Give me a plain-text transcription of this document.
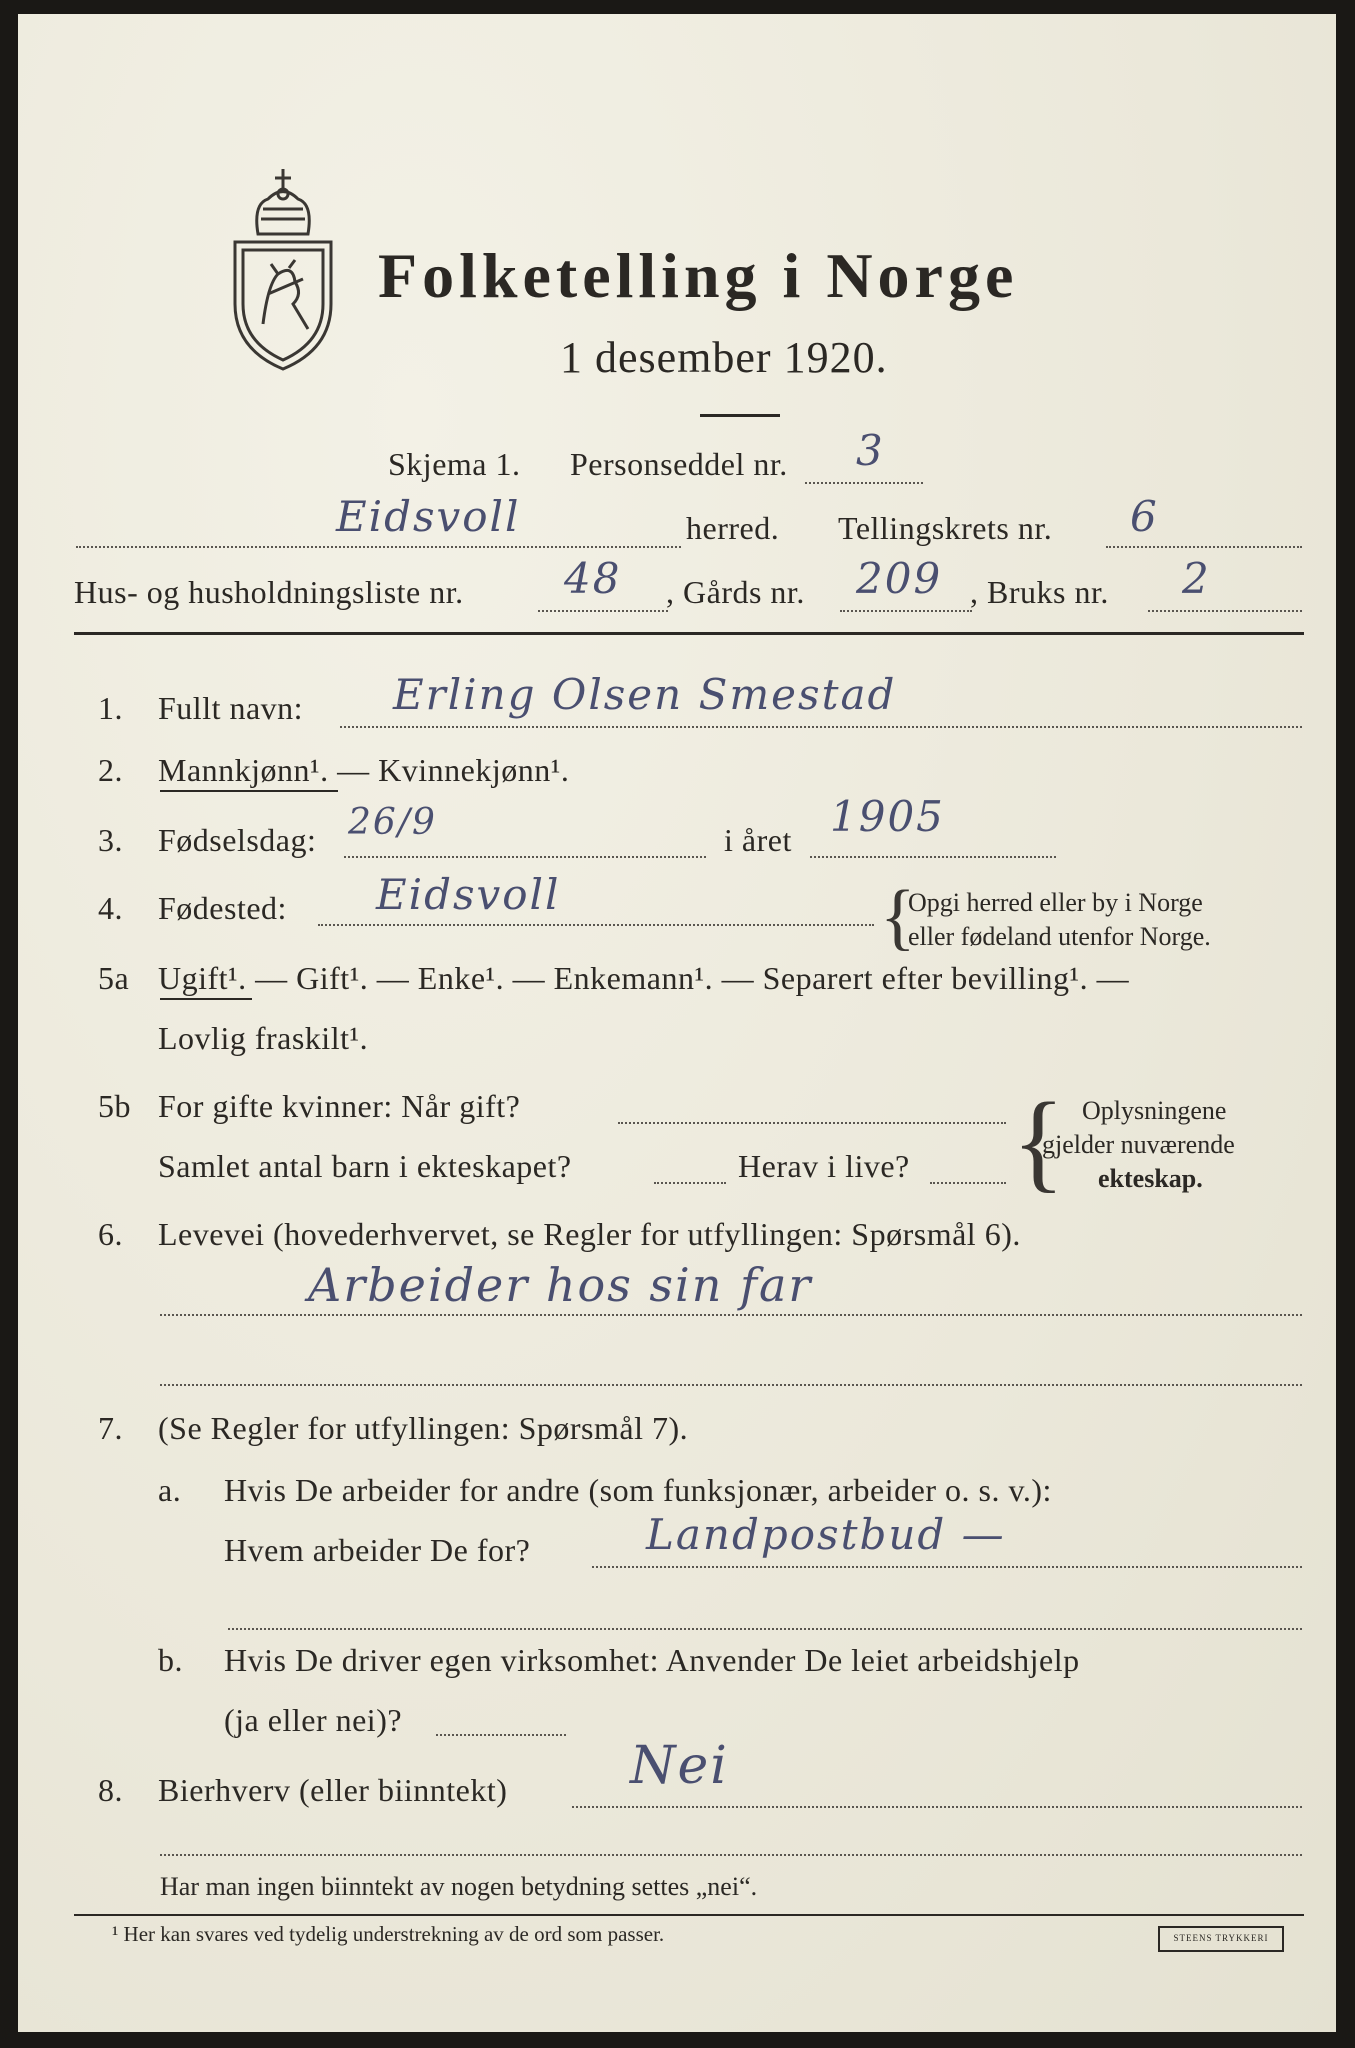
Folketelling i Norge
1 desember 1920.
Skjema 1. Personseddel nr. 3
Eidsvoll	herred. Tellingskrets nr. 6
Hus- og husholdningsliste nr. 48 , Gårds nr. 209 , Bruks nr. 2
1. Fullt navn: Erling Olsen Smestad
2. Mannkjønn¹. — Kvinnekjønn¹.
3. Fødselsdag: 26/9	i året 1905
4. Fødested: Eidsvoll	{
Opgi herred eller by i Norge
eller fødeland utenfor Norge.
5a Ugift¹. — Gift¹. — Enke¹. — Enkemann¹. — Separert efter bevilling¹. —
Lovlig fraskilt¹.
5b For gifte kvinner: Når gift?
Samlet antal barn i ekteskapet?	Herav i live? { Oplysningene
gjelder nuværende
ekteskap.
6. Levevei (hovederhvervet, se Regler for utfyllingen: Spørsmål 6).
Arbeider hos sin far
7. (Se Regler for utfyllingen: Spørsmål 7).
a. Hvis De arbeider for andre (som funksjonær, arbeider o. s. v.):
Hvem arbeider De for?	Landpostbud —
b. Hvis De driver egen virksomhet: Anvender De leiet arbeidshjelp
(ja eller nei)?
8. Bierhverv (eller biinntekt) Nei
Har man ingen biinntekt av nogen betydning settes „nei“.
¹ Her kan svares ved tydelig understrekning av de ord som passer.	STEENS TRYKKERI
